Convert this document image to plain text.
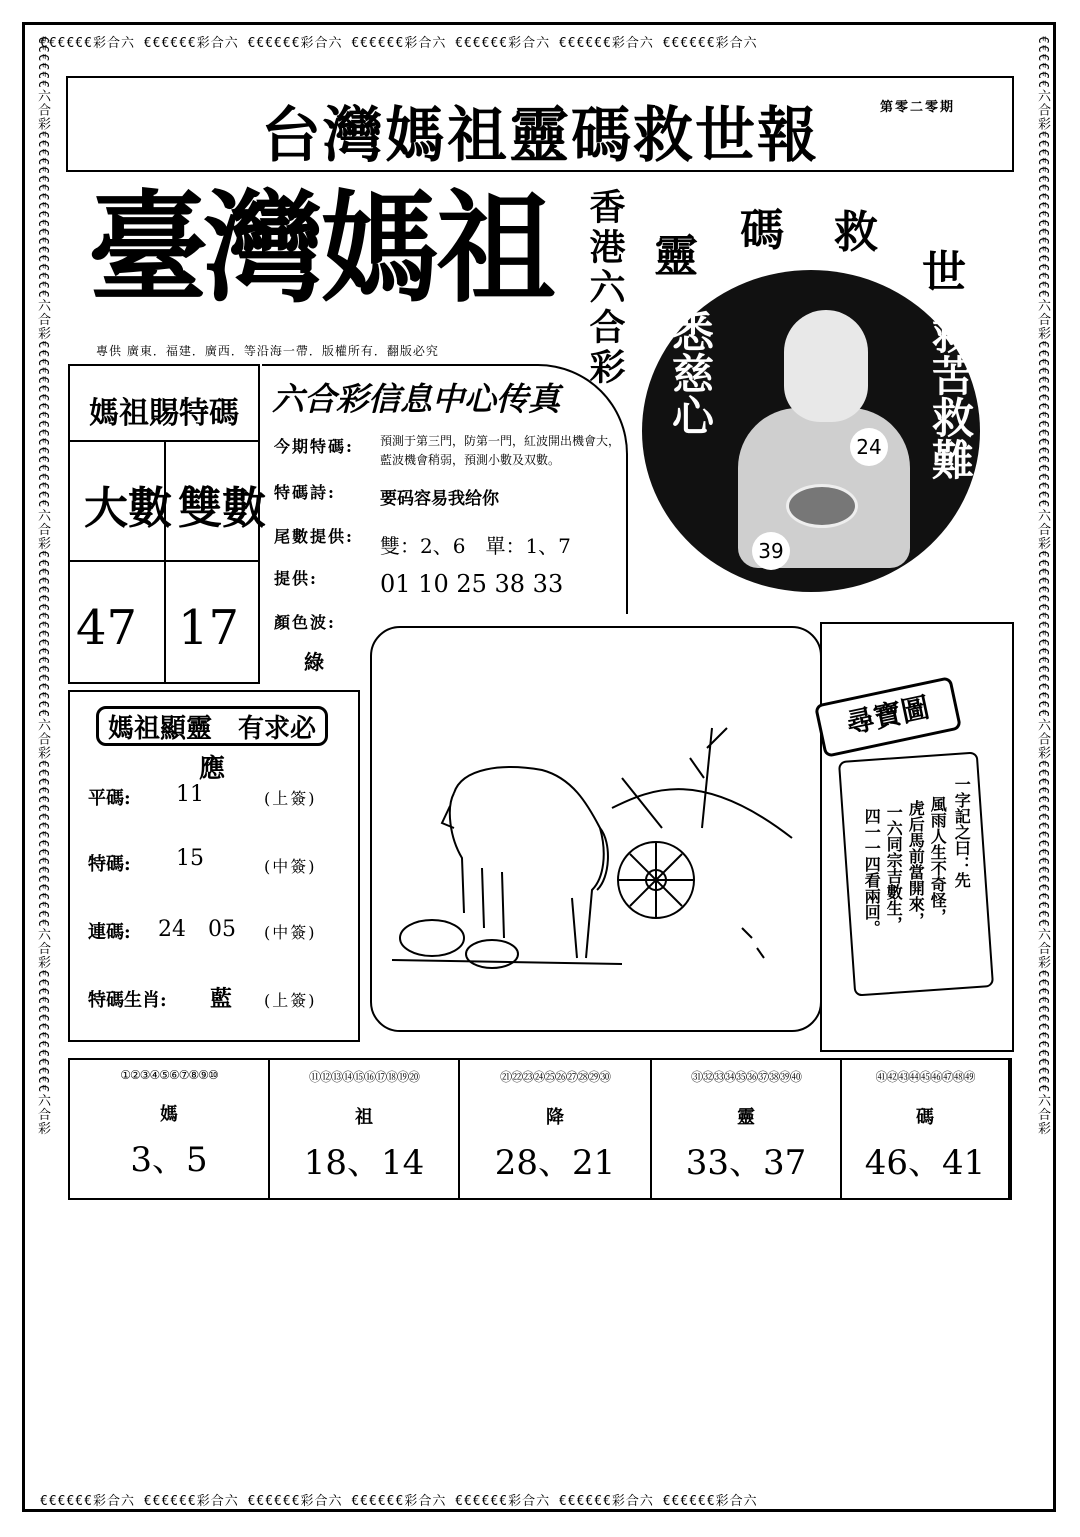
€€€€€€彩合六 €€€€€€彩合六 €€€€€€彩合六 €€€€€€彩合六 €€€€€€彩合六 €€€€€€彩合六 €€€€€€彩合六
€€€€€€彩合六 €€€€€€彩合六 €€€€€€彩合六 €€€€€€彩合六 €€€€€€彩合六 €€€€€€彩合六 €€€€€€彩合六
€€€€€€六合彩€€€€€€€€€€€€€€€€€€€六合彩€€€€€€€€€€€€€€€€€€€六合彩€€€€€€€€€€€€€€€€€€€六合彩€€€€€€€€€€€€€€€€€€€六合彩€€€€€€€€€€€€€€六合彩	€€€€€€六合彩€€€€€€€€€€€€€€€€€€€六合彩€€€€€€€€€€€€€€€€€€€六合彩€€€€€€€€€€€€€€€€€€€六合彩€€€€€€€€€€€€€€€€€€€六合彩€€€€€€€€€€€€€€六合彩
台灣媽祖靈碼救世報	第零二零期
臺灣媽祖 香港六合彩
專供 廣東．福建．廣西．等沿海一帶．版權所有．翻版必究
靈
碼 救
世
悉慈心	救苦救難
24
39
媽祖賜特碼
大數 雙數
47 17
六合彩信息中心传真
今期特碼: 預測于第三門，防第一門，紅波開出機會大，藍波機會稍弱，預測小數及双數。
特碼詩:	要码容易我给你
尾數提供: 雙：2、6　單：1、7
提供:	01 10 25 38 33
顏色波:
綠
媽祖顯靈　有求必應
平碼: 11	(上簽)
特碼: 15	(中簽)
連碼: 24　05 (中簽)
特碼生肖: 藍 (上簽)
尋寶圖
一字記之曰：先
風雨人生不奇怪，
虎后馬前當開來，
一六同宗吉數生，
四一一四看兩回。
①②③④⑤⑥⑦⑧⑨⑩
媽
3、5
⑪⑫⑬⑭⑮⑯⑰⑱⑲⑳
祖
18、14
㉑㉒㉓㉔㉕㉖㉗㉘㉙㉚
降
28、21
㉛㉜㉝㉞㉟㊱㊲㊳㊴㊵
靈
33、37
㊶㊷㊸㊹㊺㊻㊼㊽㊾
碼
46、41
